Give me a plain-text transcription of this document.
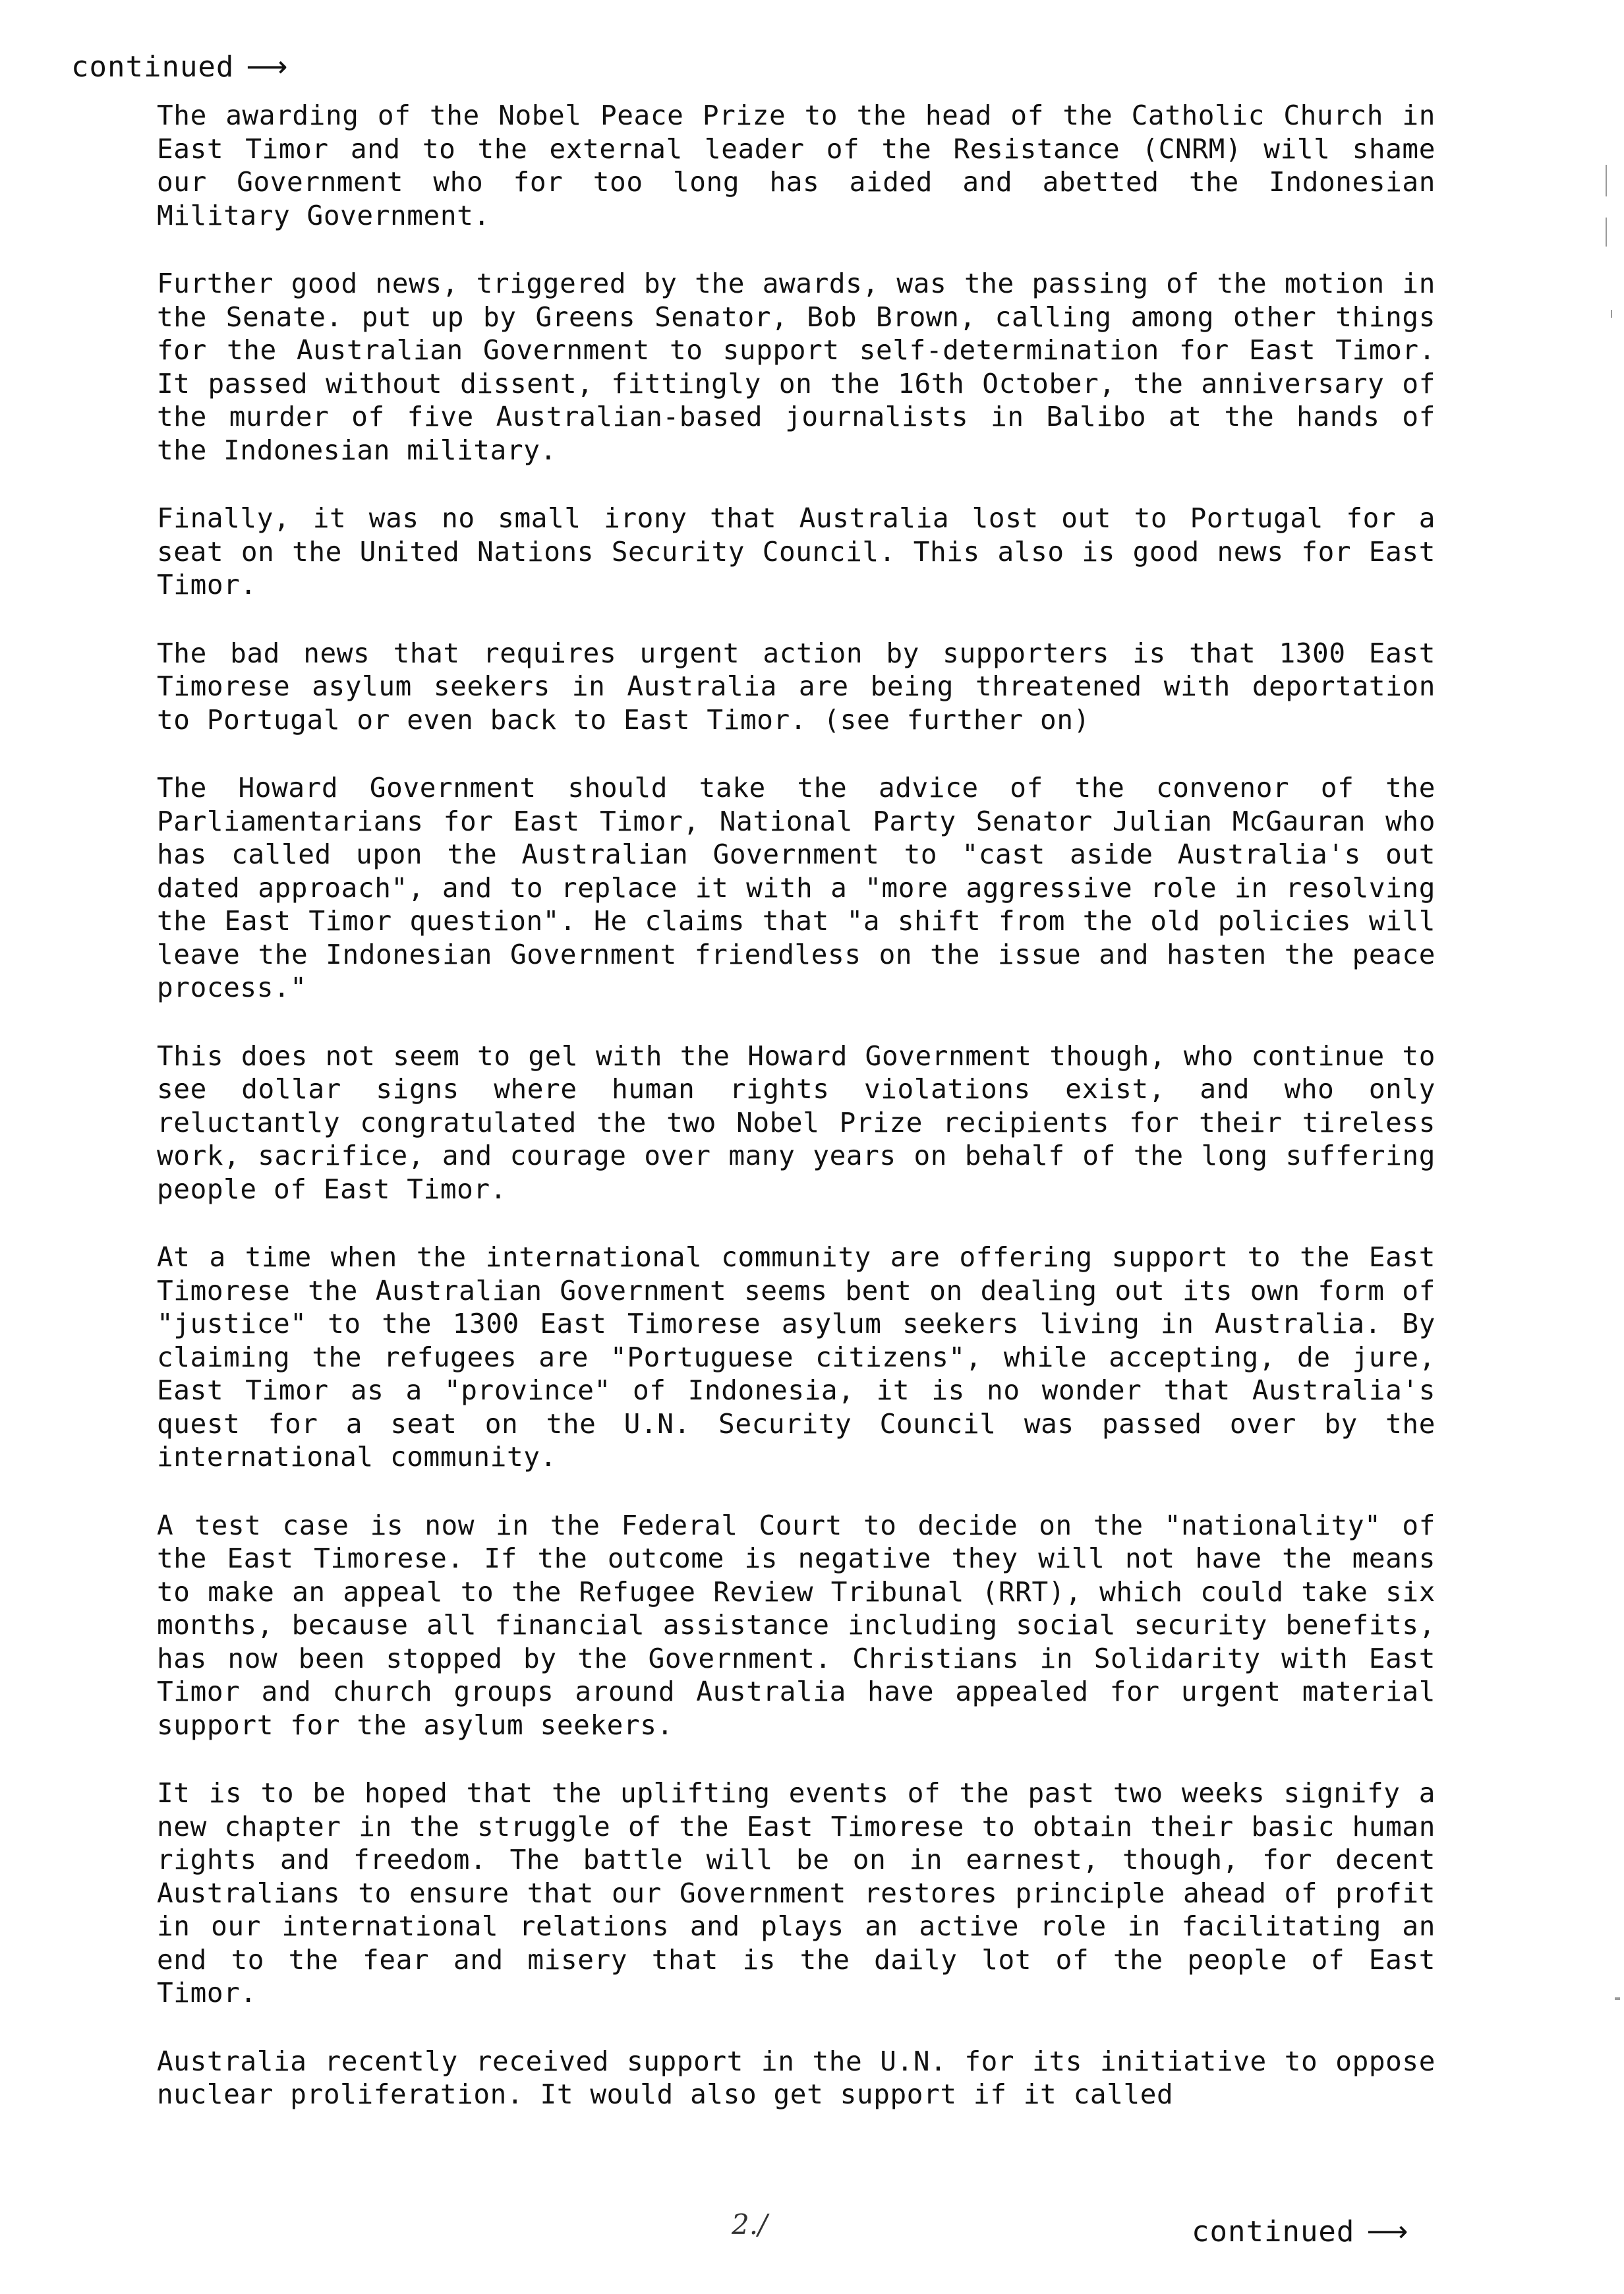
continued ⟶

The awarding of the Nobel Peace Prize to the head of the Catholic Church in East Timor and to the external leader of the Resistance (CNRM) will shame our Government who for too long has aided and abetted the Indonesian Military Government.

Further good news, triggered by the awards, was the passing of the motion in the Senate. put up by Greens Senator, Bob Brown, calling among other things for the Australian Government to support self-determination for East Timor. It passed without dissent, fittingly on the 16th October, the anniversary of the murder of five Australian-based journalists in Balibo at the hands of the Indonesian military.

Finally, it was no small irony that Australia lost out to Portugal for a seat on the United Nations Security Council. This also is good news for East Timor.

The bad news that requires urgent action by supporters is that 1300 East Timorese asylum seekers in Australia are being threatened with deportation to Portugal or even back to East Timor. (see further on)

The Howard Government should take the advice of the convenor of the Parliamentarians for East Timor, National Party Senator Julian McGauran who has called upon the Australian Government to "cast aside Australia's out dated approach", and to replace it with a "more aggressive role in resolving the East Timor question". He claims that "a shift from the old policies will leave the Indonesian Government friendless on the issue and hasten the peace process."

This does not seem to gel with the Howard Government though, who continue to see dollar signs where human rights violations exist, and who only reluctantly congratulated the two Nobel Prize recipients for their tireless work, sacrifice, and courage over many years on behalf of the long suffering people of East Timor.

At a time when the international community are offering support to the East Timorese the Australian Government seems bent on dealing out its own form of "justice" to the 1300 East Timorese asylum seekers living in Australia. By claiming the refugees are "Portuguese citizens", while accepting, de jure, East Timor as a "province" of Indonesia, it is no wonder that Australia's quest for a seat on the U.N. Security Council was passed over by the international community.

A test case is now in the Federal Court to decide on the "nationality" of the East Timorese. If the outcome is negative they will not have the means to make an appeal to the Refugee Review Tribunal (RRT), which could take six months, because all financial assistance including social security benefits, has now been stopped by the Government. Christians in Solidarity with East Timor and church groups around Australia have appealed for urgent material support for the asylum seekers.

It is to be hoped that the uplifting events of the past two weeks signify a new chapter in the struggle of the East Timorese to obtain their basic human rights and freedom. The battle will be on in earnest, though, for decent Australians to ensure that our Government restores principle ahead of profit in our international relations and plays an active role in facilitating an end to the fear and misery that is the daily lot of the people of East Timor.

Australia recently received support in the U.N. for its initiative to oppose nuclear proliferation. It would also get support if it called

2./	continued ⟶
